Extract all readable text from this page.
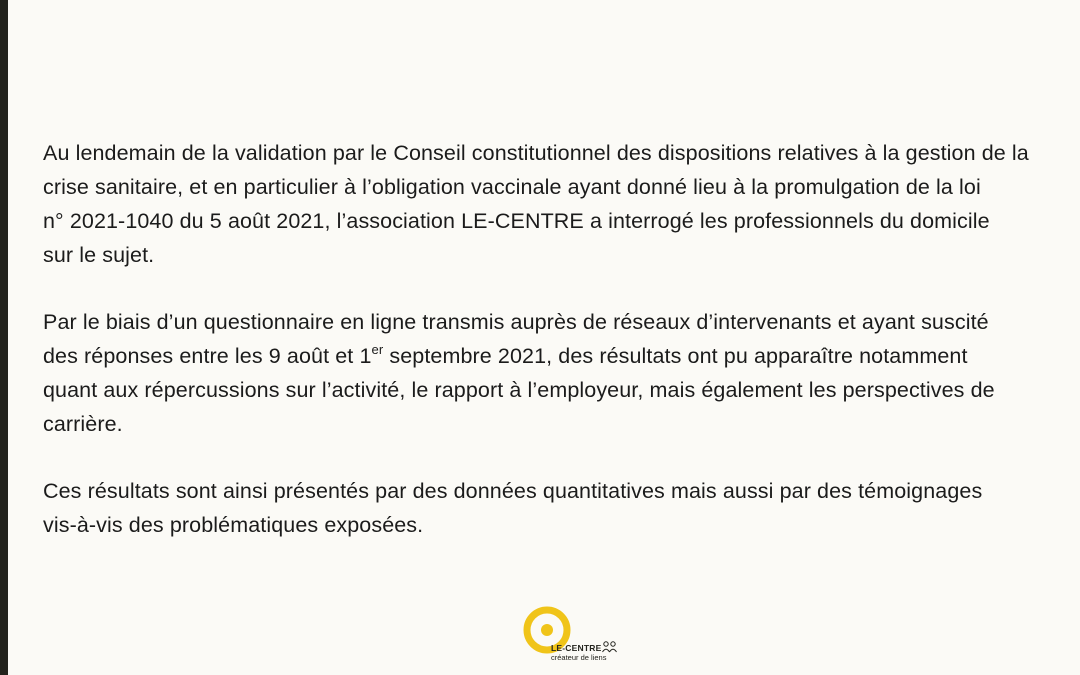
Au lendemain de la validation par le Conseil constitutionnel des dispositions relatives à la gestion de la
crise sanitaire, et en particulier à l’obligation vaccinale ayant donné lieu à la promulgation de la loi
n° 2021-1040 du 5 août 2021, l’association LE-CENTRE a interrogé les professionnels du domicile
sur le sujet.
Par le biais d’un questionnaire en ligne transmis auprès de réseaux d’intervenants et ayant suscité
des réponses entre les 9 août et 1er septembre 2021, des résultats ont pu apparaître notamment
quant aux répercussions sur l’activité, le rapport à l’employeur, mais également les perspectives de
carrière.
Ces résultats sont ainsi présentés par des données quantitatives mais aussi par des témoignages
vis-à-vis des problématiques exposées.
LE-CENTRE
créateur de liens
